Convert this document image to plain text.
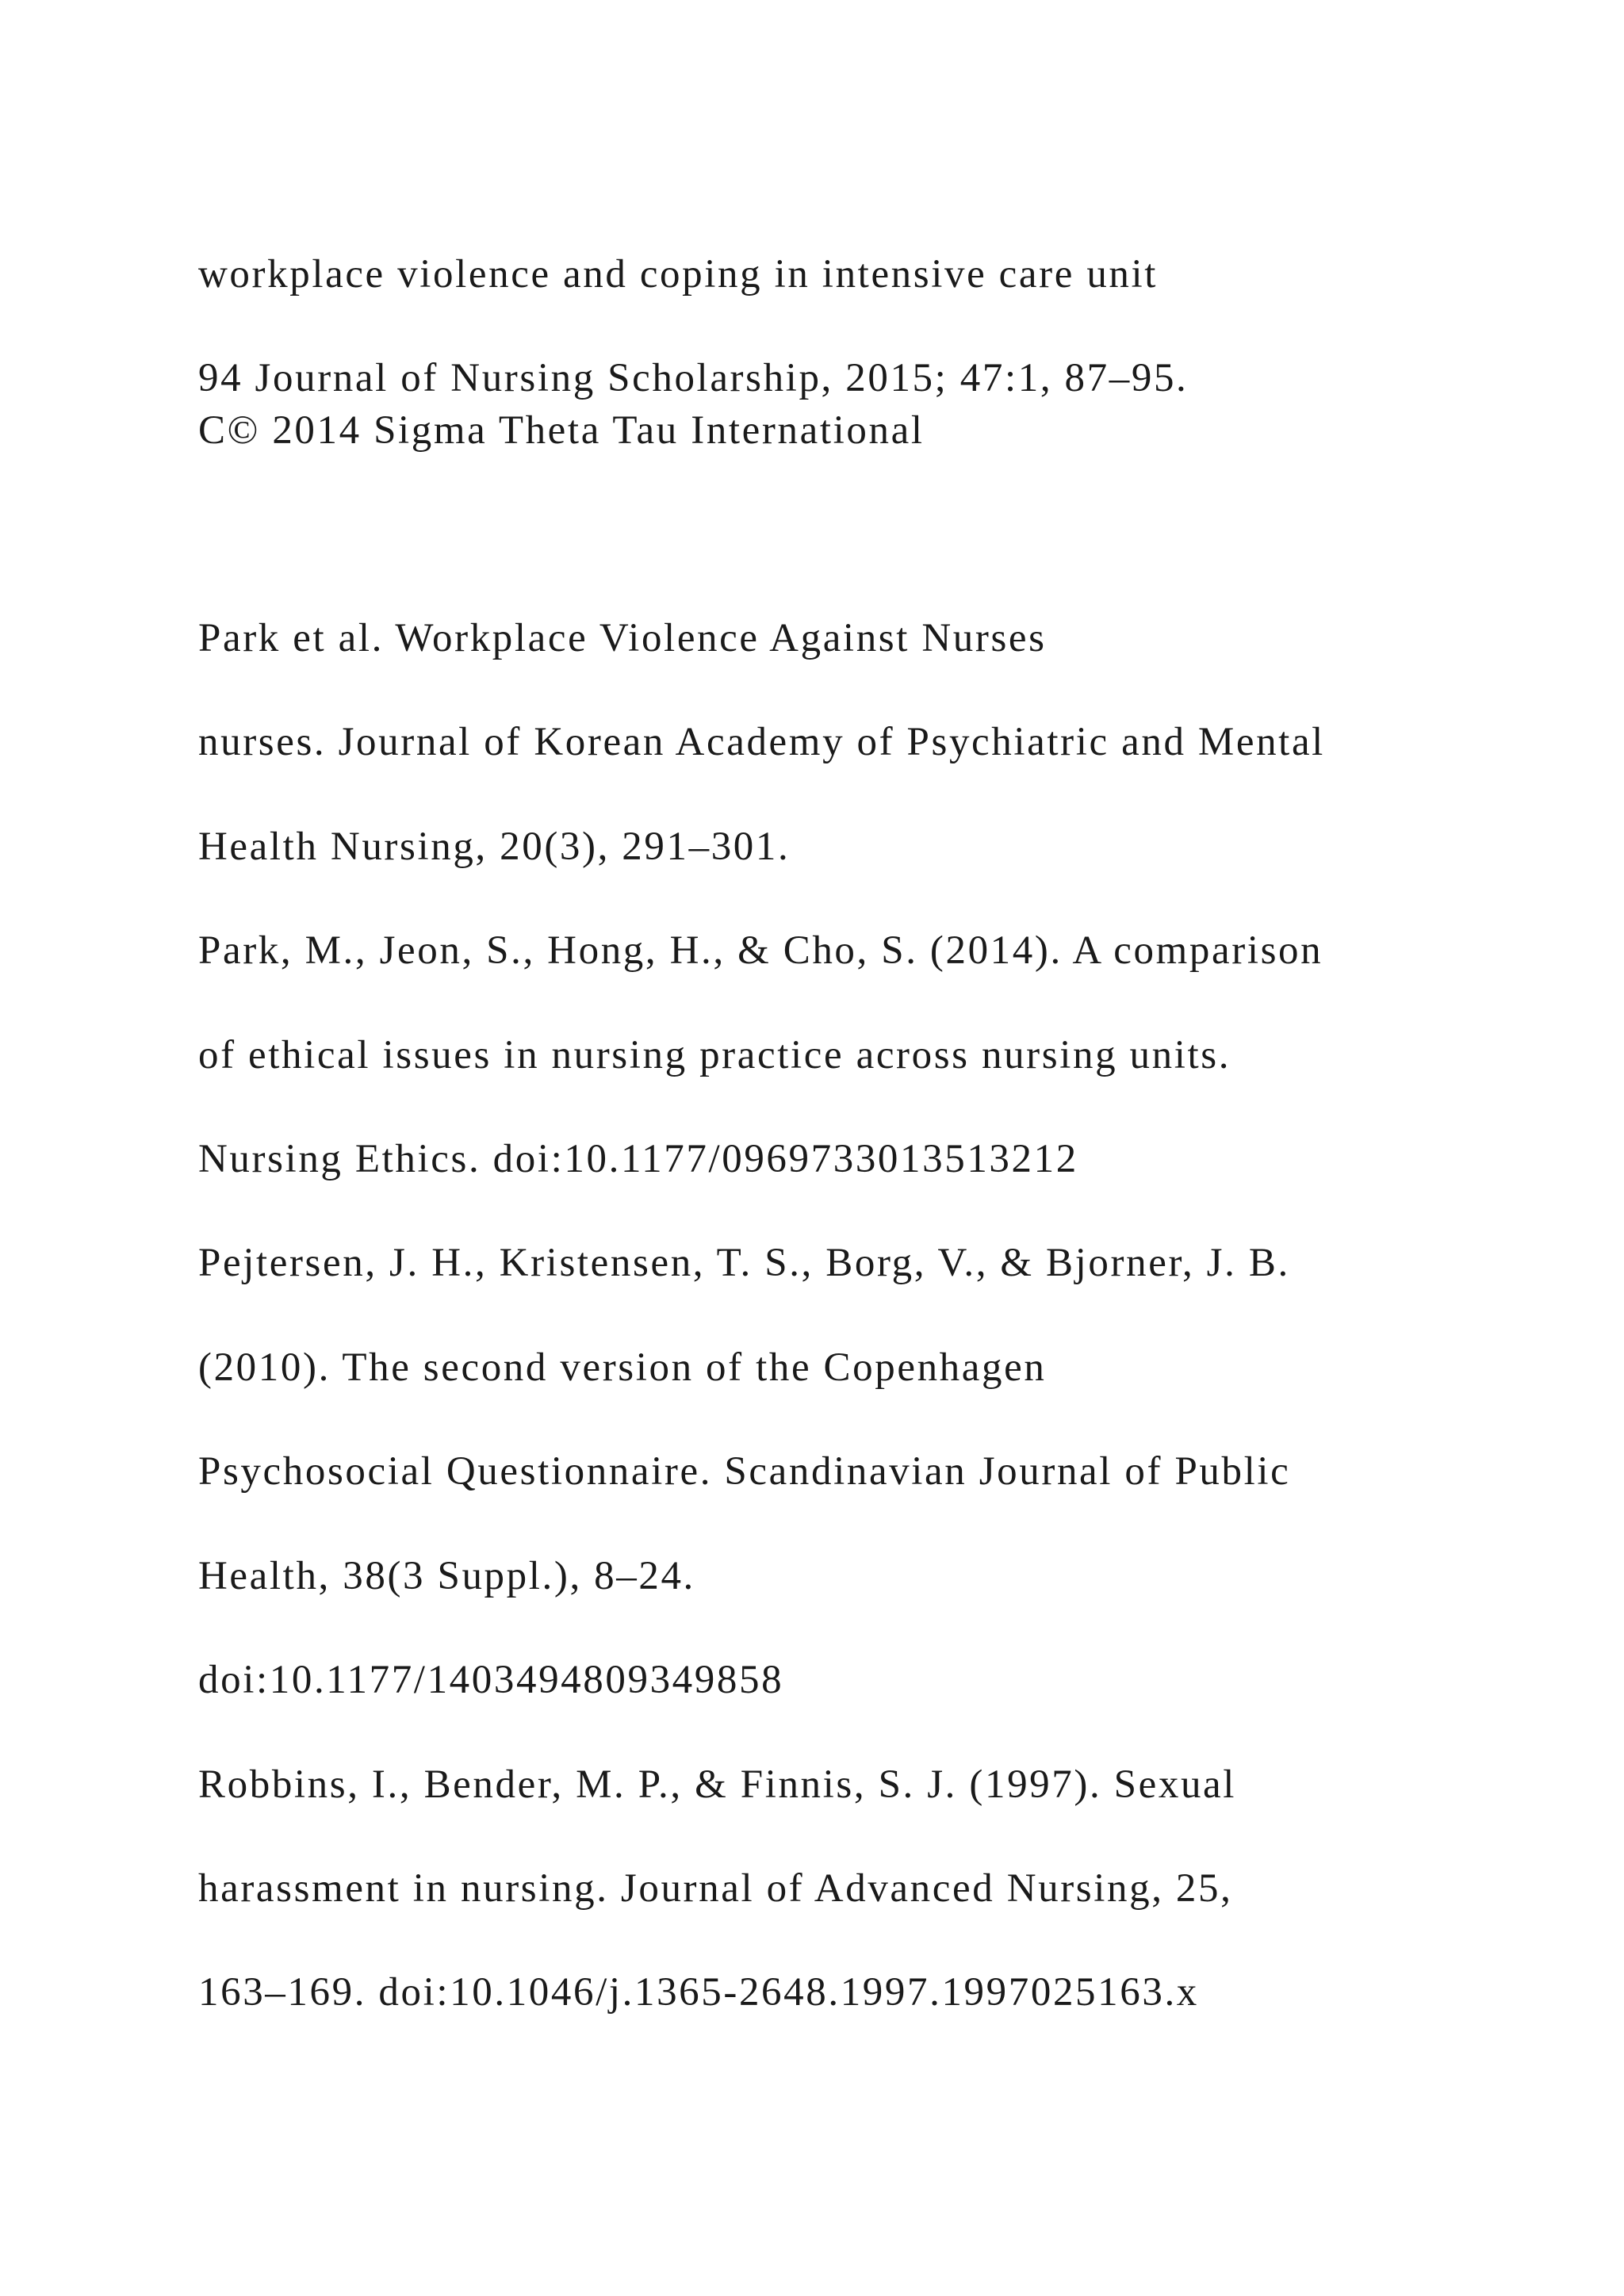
workplace violence and coping in intensive care unit
94 Journal of Nursing Scholarship, 2015; 47:1, 87–95.
C© 2014 Sigma Theta Tau International
Park et al. Workplace Violence Against Nurses
nurses. Journal of Korean Academy of Psychiatric and Mental
Health Nursing, 20(3), 291–301.
Park, M., Jeon, S., Hong, H., & Cho, S. (2014). A comparison
of ethical issues in nursing practice across nursing units.
Nursing Ethics. doi:10.1177/0969733013513212
Pejtersen, J. H., Kristensen, T. S., Borg, V., & Bjorner, J. B.
(2010). The second version of the Copenhagen
Psychosocial Questionnaire. Scandinavian Journal of Public
Health, 38(3 Suppl.), 8–24.
doi:10.1177/1403494809349858
Robbins, I., Bender, M. P., & Finnis, S. J. (1997). Sexual
harassment in nursing. Journal of Advanced Nursing, 25,
163–169. doi:10.1046/j.1365-2648.1997.1997025163.x
